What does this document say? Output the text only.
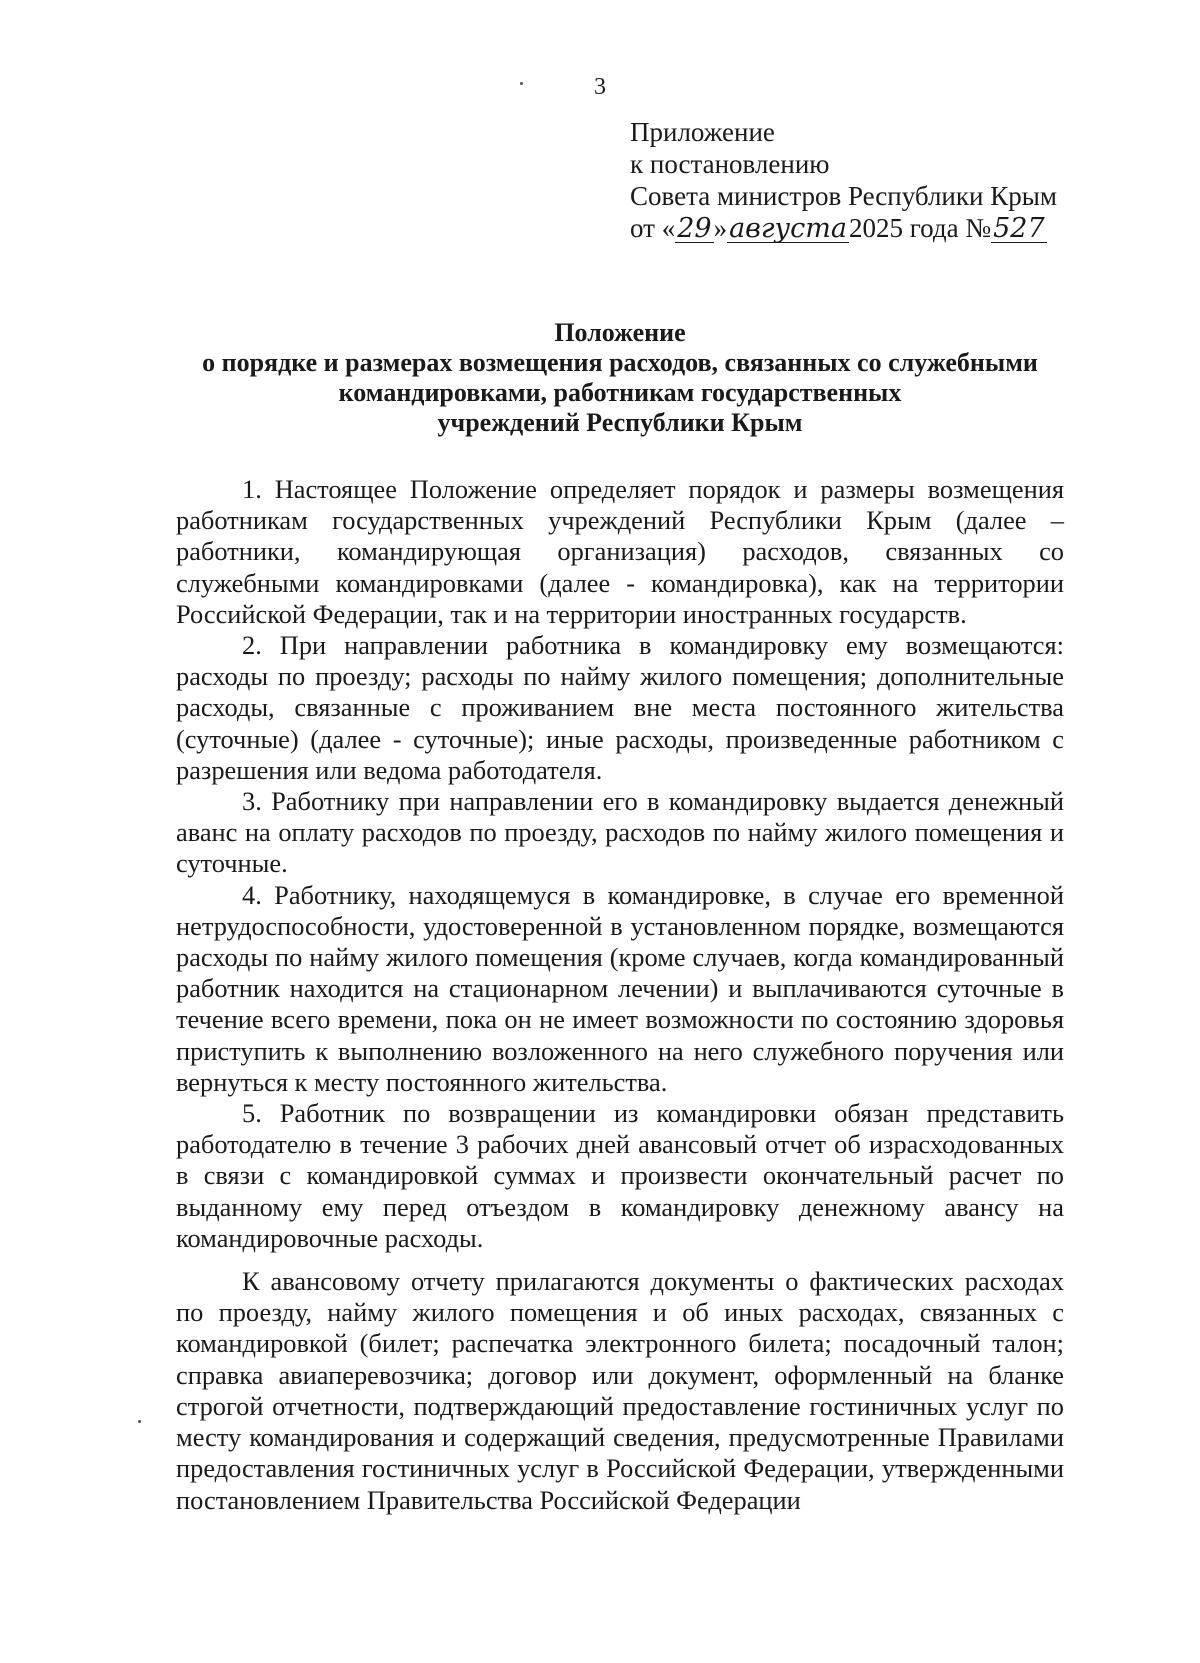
3
Приложение
к постановлению
Совета министров Республики Крым
от «29»августа2025 года №527
Положение
о порядке и размерах возмещения расходов, связанных со служебными
командировками, работникам государственных
учреждений Республики Крым

1. Настоящее Положение определяет порядок и размеры возмещения работникам государственных учреждений Республики Крым (далее – работники, командирующая организация) расходов, связанных со служебными командировками (далее - командировка), как на территории Российской Федерации, так и на территории иностранных государств.

2. При направлении работника в командировку ему возмещаются: расходы по проезду; расходы по найму жилого помещения; дополнительные расходы, связанные с проживанием вне места постоянного жительства (суточные) (далее - суточные); иные расходы, произведенные работником с разрешения или ведома работодателя.

3. Работнику при направлении его в командировку выдается денежный аванс на оплату расходов по проезду, расходов по найму жилого помещения и суточные.

4. Работнику, находящемуся в командировке, в случае его временной нетрудоспособности, удостоверенной в установленном порядке, возмещаются расходы по найму жилого помещения (кроме случаев, когда командированный работник находится на стационарном лечении) и выплачиваются суточные в течение всего времени, пока он не имеет возможности по состоянию здоровья приступить к выполнению возложенного на него служебного поручения или вернуться к месту постоянного жительства.

5. Работник по возвращении из командировки обязан представить работодателю в течение 3 рабочих дней авансовый отчет об израсходованных в связи с командировкой суммах и произвести окончательный расчет по выданному ему перед отъездом в командировку денежному авансу на командировочные расходы.

К авансовому отчету прилагаются документы о фактических расходах по проезду, найму жилого помещения и об иных расходах, связанных с командировкой (билет; распечатка электронного билета; посадочный талон; справка авиаперевозчика; договор или документ, оформленный на бланке строгой отчетности, подтверждающий предоставление гостиничных услуг по месту командирования и содержащий сведения, предусмотренные Правилами предоставления гостиничных услуг в Российской Федерации, утвержденными постановлением Правительства Российской Федерации
